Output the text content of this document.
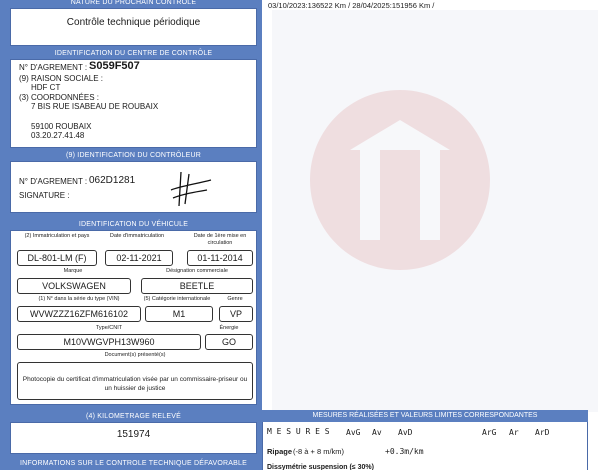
NATURE DU PROCHAIN CONTROLE	03/10/2023:136522 Km / 28/04/2025:151956 Km /
Contrôle technique périodique
IDENTIFICATION DU CENTRE DE CONTRÔLE
N° D'AGREMENT : S059F507
(9) RAISON SOCIALE :
HDF CT
(3) COORDONNÉES :
7 BIS RUE ISABEAU DE ROUBAIX
59100 ROUBAIX
03.20.27.41.48
(9) IDENTIFICATION DU CONTRÔLEUR
N° D'AGREMENT : 062D1281
SIGNATURE :
IDENTIFICATION DU VÉHICULE
(2) Immatriculation et pays	Date d'immatriculation	Date de 1ère mise en circulation
DL-801-LM (F)	02-11-2021	01-11-2014
Marque	Désignation commerciale
VOLKSWAGEN	BEETLE
(1) N° dans la série du type (VIN)	(5) Catégorie internationale	Genre
WVWZZZ16ZFM616102	M1	VP
Type/CNIT	Énergie
M10VWGVPH13W960	GO
Document(s) présenté(s)
Photocopie du certificat d'immatriculation visée par un commissaire-priseur ou
un huissier de justice
(4) KILOMETRAGE RELEVÉ
151974
INFORMATIONS SUR LE CONTROLE TECHNIQUE DÉFAVORABLE
MESURES RÉALISÉES ET VALEURS LIMITES CORRESPONDANTES
M E S U R E S AvG Av AvD	ArG Ar ArD
Ripage (-8 à + 8 m/km)	+0.3m/km
Dissymétrie suspension (≤ 30%)
